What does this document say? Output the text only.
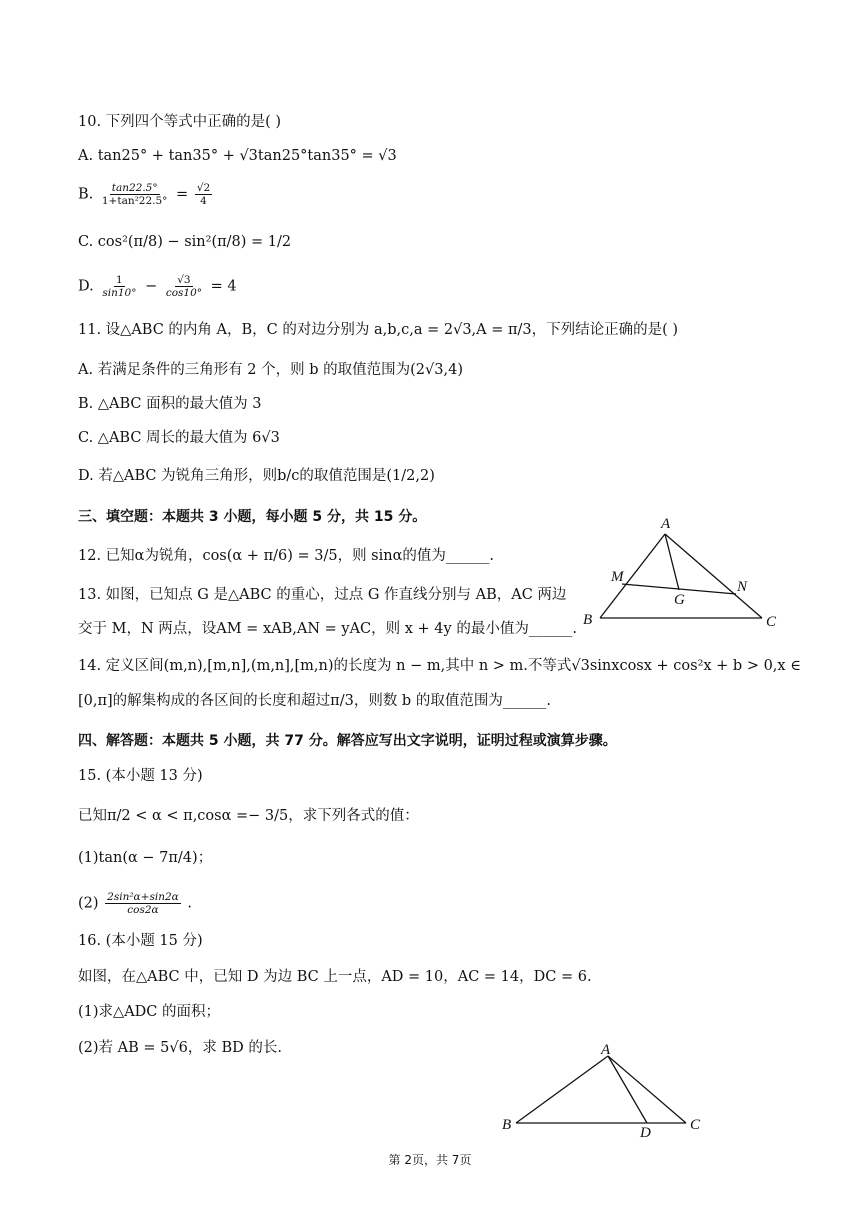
10. 下列四个等式中正确的是( )
A. tan25° + tan35° + √3tan25°tan35° = √3
B. $\frac{\tan 22.5^\circ}{\text{1+tan²22.5°}} = \frac{√2}{4}$
C. cos²(π/8) − sin²(π/8) = 1/2
D. $\frac{1}{\sin 10^\circ} - \frac{√3}{\cos 10^\circ} = 4$
11. 设△ABC 的内角 A，B，C 的对边分别为 a,b,c,a = 2√3,A = π/3，下列结论正确的是( )
A. 若满足条件的三角形有 2 个，则 b 的取值范围为(2√3,4)
B. △ABC 面积的最大值为 3
C. △ABC 周长的最大值为 6√3
D. 若△ABC 为锐角三角形，则b/c的取值范围是(1/2,2)
三、填空题：本题共 3 小题，每小题 5 分，共 15 分。
12. 已知α为锐角，cos(α + π/6) = 3/5，则 sinα的值为______.
13. 如图，已知点 G 是△ABC 的重心，过点 G 作直线分别与 AB，AC 两边
交于 M，N 两点，设AM = xAB,AN = yAC，则 x + 4y 的最小值为______.
A
M
N
G
B	C
14. 定义区间(m,n),[m,n],(m,n],[m,n)的长度为 n − m,其中 n > m.不等式√3sinxcosx + cos²x + b > 0,x ∈
[0,π]的解集构成的各区间的长度和超过π/3，则数 b 的取值范围为______.
四、解答题：本题共 5 小题，共 77 分。解答应写出文字说明，证明过程或演算步骤。
15. (本小题 13 分)
已知π/2 < α < π,cosα =− 3/5，求下列各式的值：
(1)tan(α − 7π/4)；
$(2) \frac{\text{2sin²α+sin2α}}{\cos 2\alpha}$ .
16. (本小题 15 分)
如图，在△ABC 中，已知 D 为边 BC 上一点，AD = 10，AC = 14，DC = 6.
(1)求△ADC 的面积；
(2)若 AB = 5√6，求 BD 的长.	A
B	C
D
第 2页，共 7页
